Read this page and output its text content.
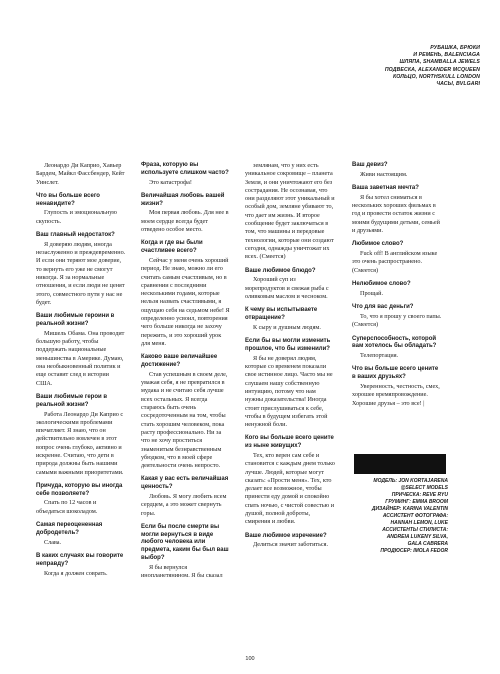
РУБАШКА, БРЮКИ
И РЕМЕНЬ, BALENCIAGA
ШЛЯПА, SHAMBALLA JEWELS
ПОДВЕСКА, ALEXANDER MCQUEEN
КОЛЬЦО, NORTHSKULL LONDON
ЧАСЫ, BVLGARI

Леонардо Ди Каприо, Хавьер Бардем, Майкл Фассбендер, Кейт Уинслет.

Что вы больше всего ненавидите?

Глупость и эмоциональную скупость.

Ваш главный недостаток?

Я доверяю людям, иногда незаслуженно и преждевременно. И если они теряют мое доверие, то вернуть его уже не смогут никогда. Я за нормальные отношения, и если люди не ценят этого, совместного пути у нас не будет.

Ваши любимые героини в реальной жизни?

Мишель Обама. Она проводит большую работу, чтобы поддержать национальные меньшинства в Америке. Думаю, она необыкновенный политик и еще оставит след в истории США.

Ваши любимые герои в реальной жизни?

Работа Леонардо Ди Каприо с экологическими проблемами впечатляет. Я знаю, что он действительно вовлечен в этот вопрос очень глубоко, активно и искренне. Считаю, что дети в природа должны быть нашими самыми важными приоритетами.

Причуда, которую вы иногда себе позволяете?

Спать по 12 часов и объедаться шоколадом.

Самая переоцененная добродетель?

Слава.

В каких случаях вы говорите неправду?

Когда я должен соврать.

Фраза, которую вы используете слишком часто?

Это катастрофа!

Величайшая любовь вашей жизни?

Моя первая любовь. Для нее в моем сердце всегда будет отведено особое место.

Когда и где вы были счастливее всего?

Сейчас у меня очень хороший период. Не знаю, можно ли его считать самым счастливым, но в сравнении с последними несколькими годами, которые нельзя назвать счастливыми, я ощущаю себя на седьмом небе! Я определенно усвоил, повторения чего больше никогда не захочу пережить, и это хороший урок для меня.

Каково ваше величайшее достижение?

Став успешным в своем деле, уважая себя, я не превратился в мудака и не считаю себя лучше всех остальных. Я всегда стараюсь быть очень сосредоточенным на том, чтобы стать хорошим человеком, пока расту профессионально. Ни за что не хочу проститься знаменитым безнравственным убюдком, что в моей сфере деятельности очень непросто.

Какая у вас есть величайшая ценность?

Любовь. Я могу любить всем сердцем, а это может свернуть горы.

Если бы после смерти вы могли вернуться в виде любого человека или предмета, каким бы был ваш выбор?

Я бы вернулся инопланетянином. Я бы сказал

землянам, что у них есть уникальное сокровище – планета Земля, и они уничтожают его без сострадания. Не осознавая, что они разделяют этот уникальный и особый дом, земляне убивают то, что дает им жизнь. И второе сообщение будет заключаться в том, что машины и передовые технологии, которые они создают сегодня, однажды уничтожат их всех. (Смеется)

Ваше любимое блюдо?

Хороший суп из морепродуктов и свежая рыба с оливковым маслом и чесноком.

К чему вы испытываете отвращение?

К сыру и душным людям.

Если бы вы могли изменить прошлое, что бы изменили?

Я бы не доверял людям, которые со временем показали свое истинное лицо. Часто мы не слушаем нашу собственную интуицию, потому что нам нужны доказательства! Иногда стоит прислушиваться к себе, чтобы в будущем избегать этой ненужной боли.

Кого вы больше всего цените из ныне живущих?

Тех, кто верен сам себе и становится с каждым днем только лучше. Людей, которые могут сказать: «Прости меня». Тех, кто делает все возможное, чтобы принести еду домой и спокойно спать ночью, с чистой совестью и душой, полной доброты, смирения и любви.

Ваше любимое изречение?

Делиться значит заботиться.

Ваш девиз?

Живи настоящим.

Ваша заветная мечта?

Я бы хотел сниматься в нескольких хороших фильмах в год и провести остаток жизни с моими будущими детьми, семьей и друзьями.

Любимое слово?

Fuck off! В английском языке это очень распространено. (Смеется)

Нелюбимое слово?

Прощай.

Что для вас деньги?

То, что я прошу у своего папы. (Смеется)

Суперспособность, которой вам хотелось бы обладать?

Телепортация.

Что вы больше всего цените в ваших друзьях?

Уверенность, честность, смех, хорошее времяпровождение. Хорошие друзья – это все! |

МОДЕЛЬ: JON KORTAJARENA
@SELECT MODELS
ПРИЧЕСКА: REVE RYU
ГРУМИНГ: EMMA BROOM
ДИЗАЙНЕР: KARINA VALENTIN
АССИСТЕНТ ФОТОГРАФА:
HANNAH LEMON, LUKE
АССИСТЕНТЫ СТИЛИСТА:
ANDREIA LUKENY SILVA,
GALA CABRERA
ПРОДЮСЕР: IMOLA FEDOR
100
